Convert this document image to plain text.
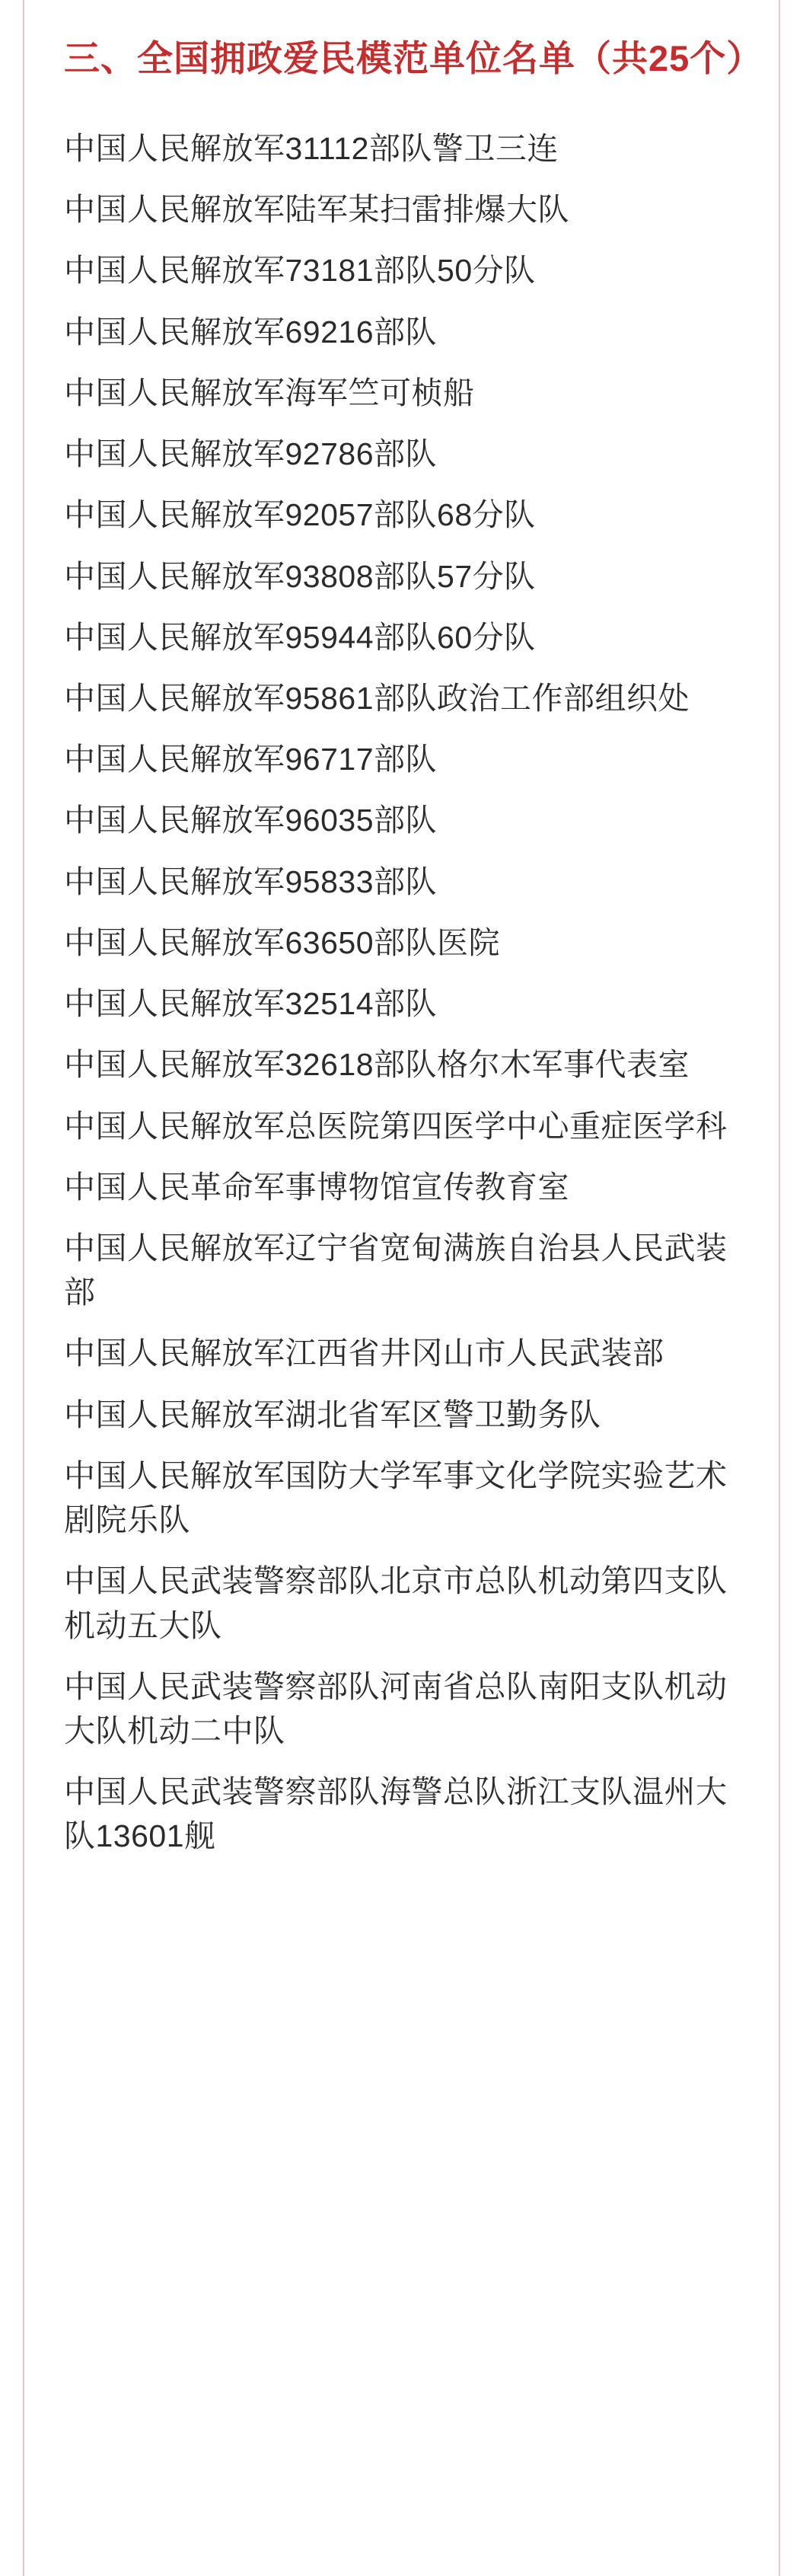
三、全国拥政爱民模范单位名单（共25个）
中国人民解放军31112部队警卫三连
中国人民解放军陆军某扫雷排爆大队
中国人民解放军73181部队50分队
中国人民解放军69216部队
中国人民解放军海军竺可桢船
中国人民解放军92786部队
中国人民解放军92057部队68分队
中国人民解放军93808部队57分队
中国人民解放军95944部队60分队
中国人民解放军95861部队政治工作部组织处
中国人民解放军96717部队
中国人民解放军96035部队
中国人民解放军95833部队
中国人民解放军63650部队医院
中国人民解放军32514部队
中国人民解放军32618部队格尔木军事代表室
中国人民解放军总医院第四医学中心重症医学科
中国人民革命军事博物馆宣传教育室
中国人民解放军辽宁省宽甸满族自治县人民武装部
中国人民解放军江西省井冈山市人民武装部
中国人民解放军湖北省军区警卫勤务队
中国人民解放军国防大学军事文化学院实验艺术剧院乐队
中国人民武装警察部队北京市总队机动第四支队机动五大队
中国人民武装警察部队河南省总队南阳支队机动大队机动二中队
中国人民武装警察部队海警总队浙江支队温州大队13601舰
